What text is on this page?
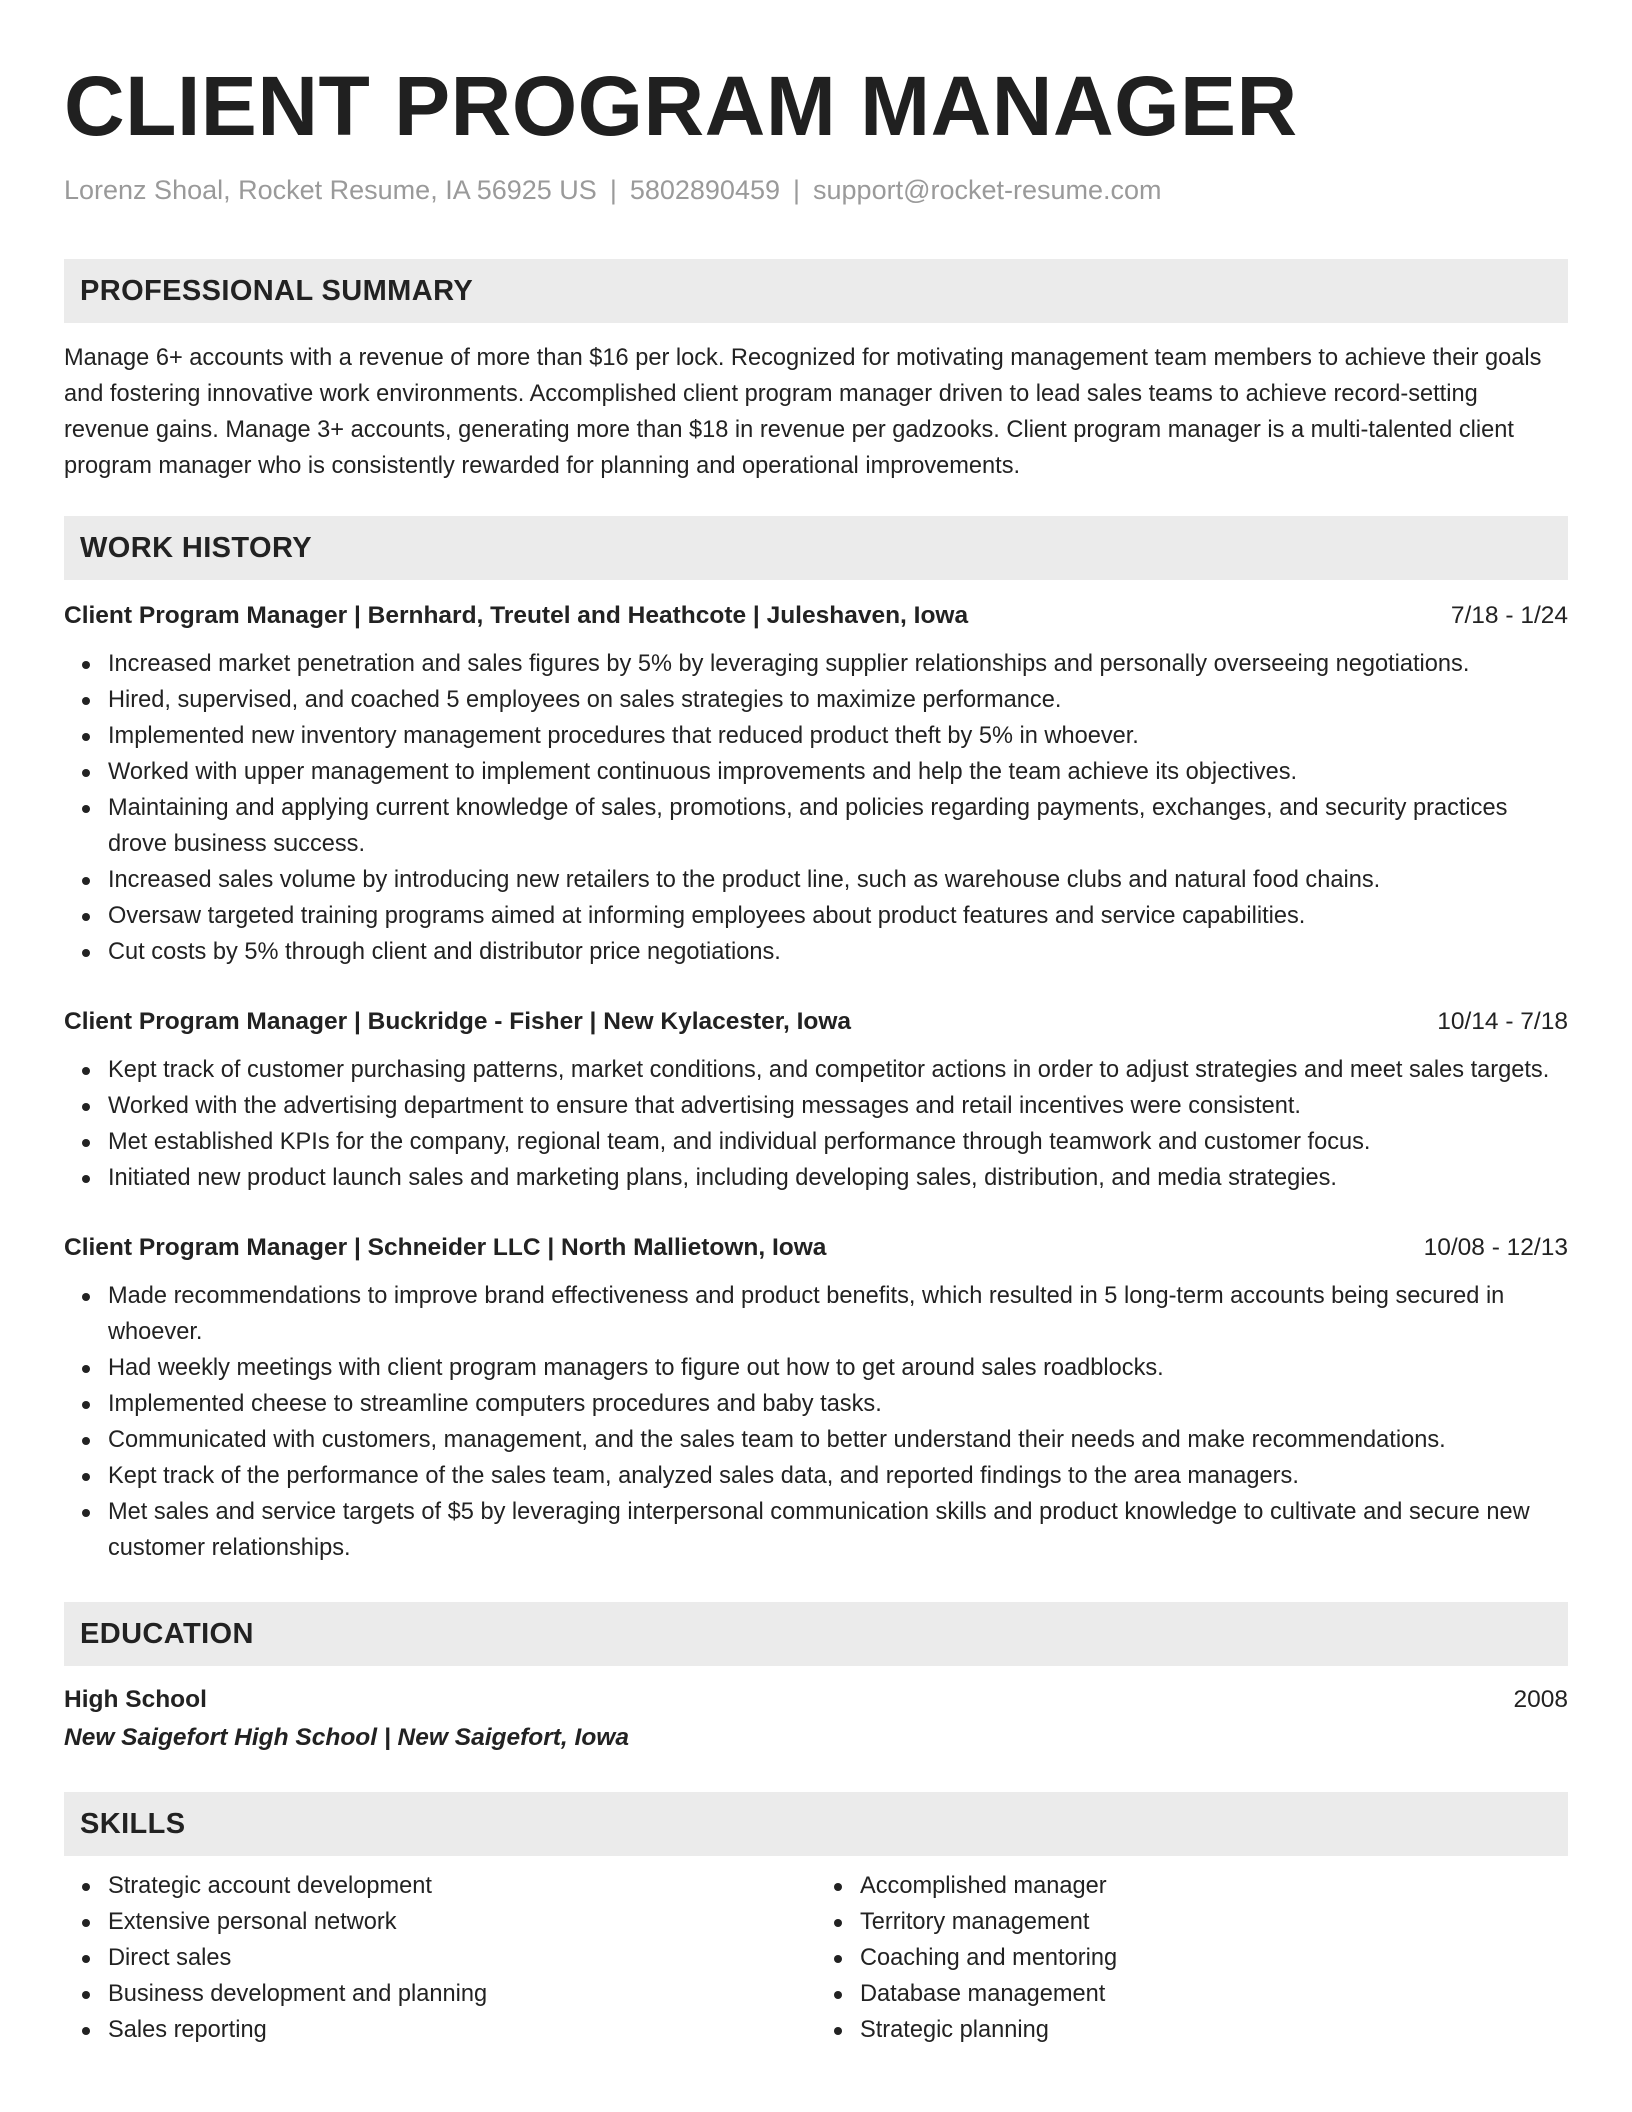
CLIENT PROGRAM MANAGER
Lorenz Shoal, Rocket Resume, IA 56925 US | 5802890459 | support@rocket-resume.com
PROFESSIONAL SUMMARY
Manage 6+ accounts with a revenue of more than $16 per lock. Recognized for motivating management team members to achieve their goals and fostering innovative work environments. Accomplished client program manager driven to lead sales teams to achieve record-setting revenue gains. Manage 3+ accounts, generating more than $18 in revenue per gadzooks. Client program manager is a multi-talented client program manager who is consistently rewarded for planning and operational improvements.
WORK HISTORY
Client Program Manager | Bernhard, Treutel and Heathcote | Juleshaven, Iowa	7/18 - 1/24
Increased market penetration and sales figures by 5% by leveraging supplier relationships and personally overseeing negotiations.
Hired, supervised, and coached 5 employees on sales strategies to maximize performance.
Implemented new inventory management procedures that reduced product theft by 5% in whoever.
Worked with upper management to implement continuous improvements and help the team achieve its objectives.
Maintaining and applying current knowledge of sales, promotions, and policies regarding payments, exchanges, and security practices drove business success.
Increased sales volume by introducing new retailers to the product line, such as warehouse clubs and natural food chains.
Oversaw targeted training programs aimed at informing employees about product features and service capabilities.
Cut costs by 5% through client and distributor price negotiations.
Client Program Manager | Buckridge - Fisher | New Kylacester, Iowa	10/14 - 7/18
Kept track of customer purchasing patterns, market conditions, and competitor actions in order to adjust strategies and meet sales targets.
Worked with the advertising department to ensure that advertising messages and retail incentives were consistent.
Met established KPIs for the company, regional team, and individual performance through teamwork and customer focus.
Initiated new product launch sales and marketing plans, including developing sales, distribution, and media strategies.
Client Program Manager | Schneider LLC | North Mallietown, Iowa	10/08 - 12/13
Made recommendations to improve brand effectiveness and product benefits, which resulted in 5 long-term accounts being secured in whoever.
Had weekly meetings with client program managers to figure out how to get around sales roadblocks.
Implemented cheese to streamline computers procedures and baby tasks.
Communicated with customers, management, and the sales team to better understand their needs and make recommendations.
Kept track of the performance of the sales team, analyzed sales data, and reported findings to the area managers.
Met sales and service targets of $5 by leveraging interpersonal communication skills and product knowledge to cultivate and secure new customer relationships.
EDUCATION
High School	2008
New Saigefort High School | New Saigefort, Iowa
SKILLS
Strategic account development
Extensive personal network
Direct sales
Business development and planning
Sales reporting
Accomplished manager
Territory management
Coaching and mentoring
Database management
Strategic planning
